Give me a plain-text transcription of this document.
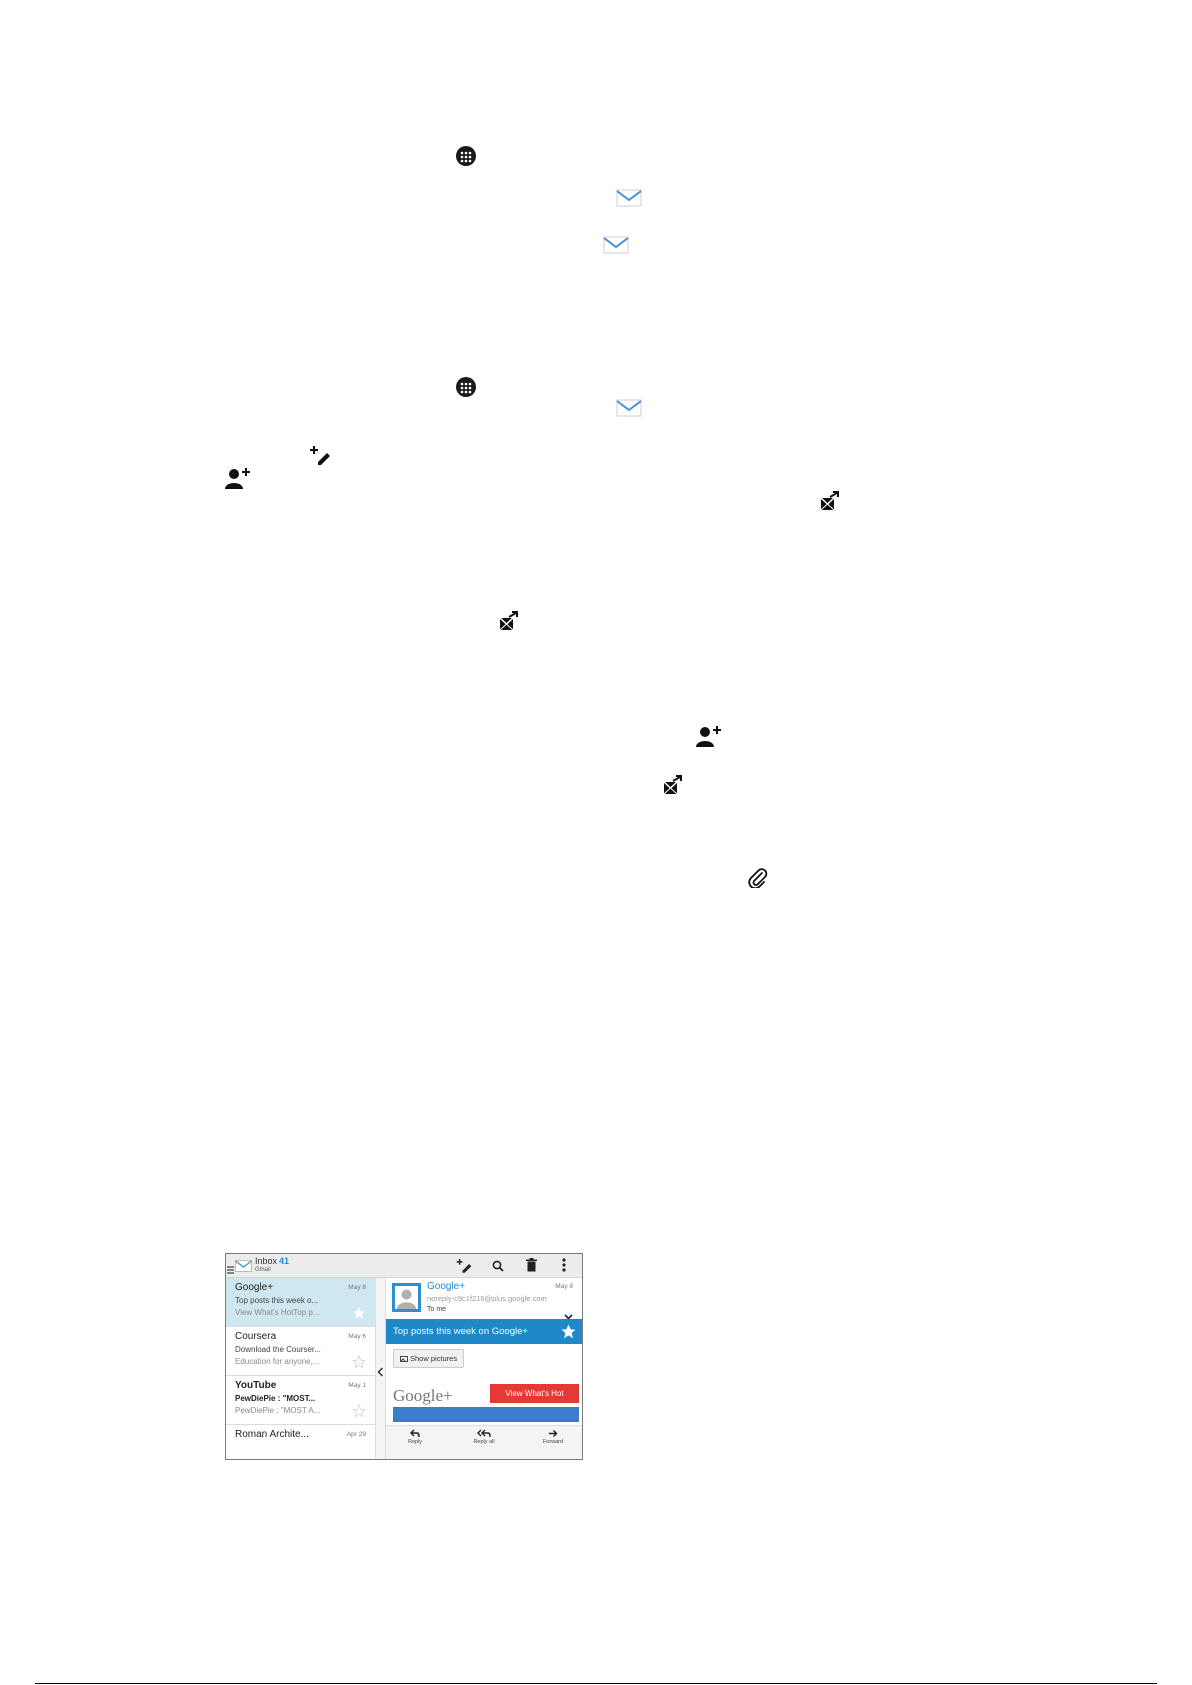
Inbox 41
Gmail
Google+	May 8
Top posts this week o...
View What's HotTop p...
Coursera	May 6
Download the Courser...
Education for anyone,...
YouTube	May 1
PewDiePie : "MOST...
PewDiePie : "MOST A...
Roman Archite...	Apr 29
Google+
noreply-c9c1f216@plus.google.com
To me
May 8
Top posts this week on Google+
Show pictures
Google+	View What's Hot
Reply	Reply all	Forward
